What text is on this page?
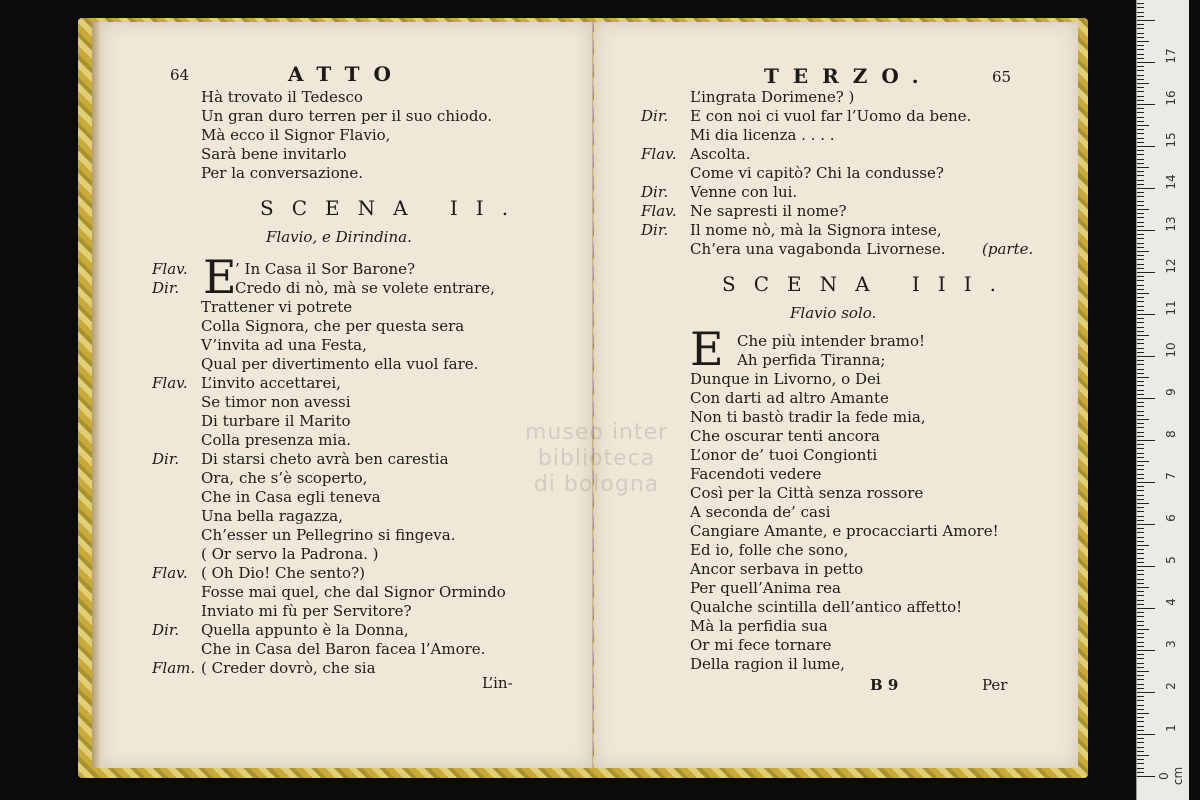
64	ATTO
Hà trovato il Tedesco
Un gran duro terren per il suo chiodo.
Mà ecco il Signor Flavio,
Sarà bene invitarlo
Per la conversazione.
SCENA II.
Flavio, e Dirindina.
E
Flav.	’ In Casa il Sor Barone?
Dir.	Credo di nò, mà se volete entrare,
Trattener vi potrete
Colla Signora, che per questa sera
V’invita ad una Festa,
Qual per divertimento ella vuol fare.
Flav. L’invito accettarei,
Se timor non avessi
Di turbare il Marito
Colla presenza mia.
Dir. Di starsi cheto avrà ben carestia
Ora, che s’è scoperto,
Che in Casa egli teneva
Una bella ragazza,
Ch’esser un Pellegrino si fingeva.
( Or servo la Padrona. )
Flav. ( Oh Dio! Che sento?)
Fosse mai quel, che dal Signor Ormindo
Inviato mi fù per Servitore?
Dir. Quella appunto è la Donna,
Che in Casa del Baron facea l’Amore.
Flam. ( Creder dovrò, che sia
L’in-
TERZO.	65
L’ingrata Dorimene? )
Dir. E con noi ci vuol far l’Uomo da bene.
Mi dia licenza . . . .
Flav. Ascolta.
Come vi capitò? Chi la condusse?
Dir. Venne con lui.
Flav. Ne sapresti il nome?
Dir. Il nome nò, mà la Signora intese,
Ch’era una vagabonda Livornese. (parte.
SCENA III.
Flavio solo.
E Che più intender bramo!
Ah perfida Tiranna;
Dunque in Livorno, o Dei
Con darti ad altro Amante
Non ti bastò tradir la fede mia,
Che oscurar tenti ancora
L’onor de’ tuoi Congionti
Facendoti vedere
Così per la Città senza rossore
A seconda de’ casi
Cangiare Amante, e procacciarti Amore!
Ed io, folle che sono,
Ancor serbava in petto
Per quell’Anima rea
Qualche scintilla dell’antico affetto!
Mà la perfidia sua
Or mi fece tornare
Della ragion il lume,
B 9	Per
museo inter
biblioteca
di bologna
0 cm
1
2
3
4
5
6
7
8
9
10
11
12
13
14
15
16
17
